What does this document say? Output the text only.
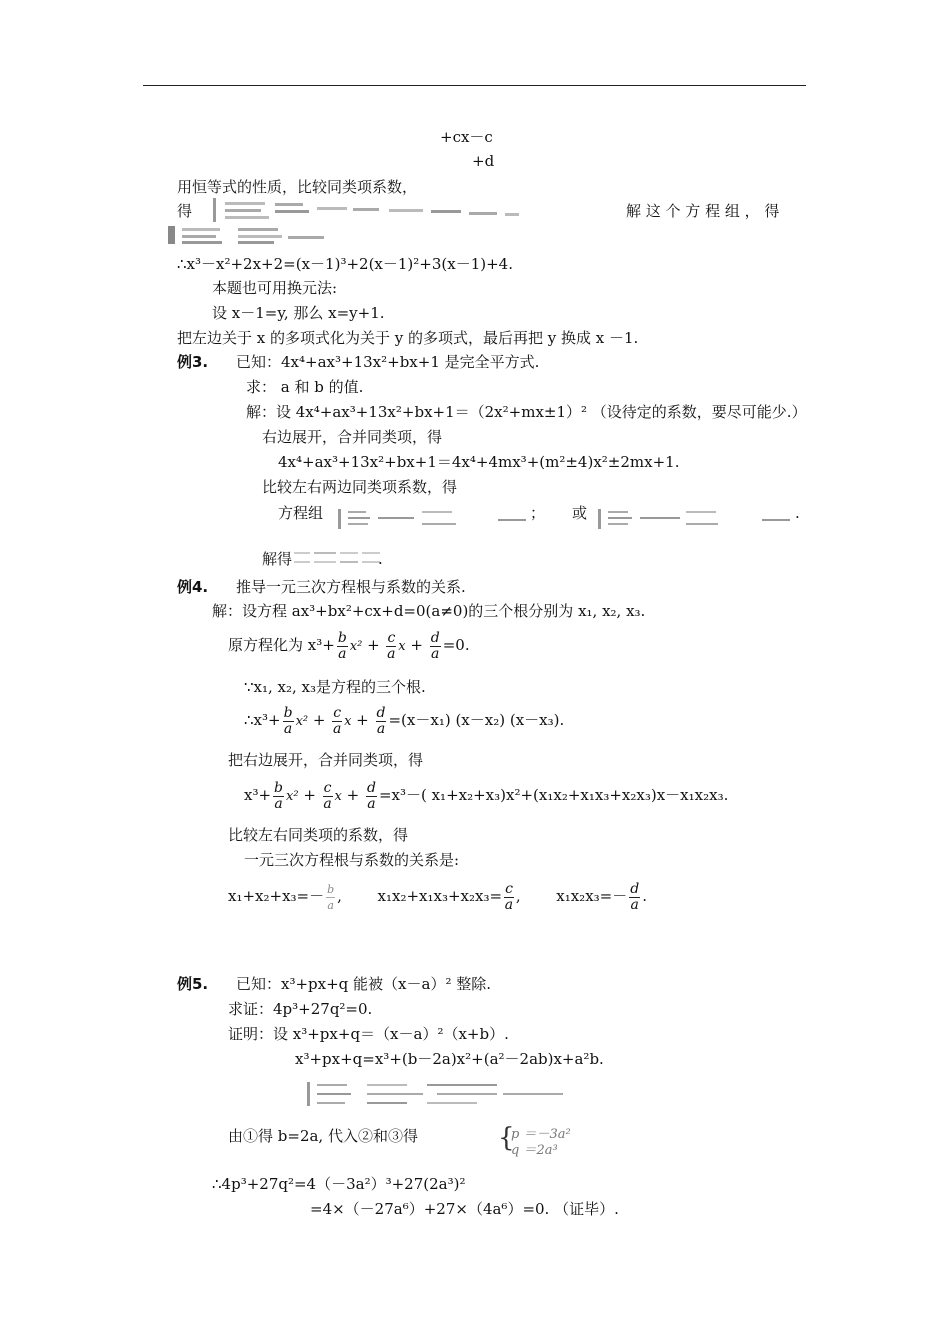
+cx－c
+d
用恒等式的性质，比较同类项系数，
得	解 这 个 方 程 组 ， 得
∴x³－x²+2x+2=(x－1)³+2(x－1)²+3(x－1)+4.
本题也可用换元法:
设 x－1=y, 那么 x=y+1.
把左边关于 x 的多项式化为关于 y 的多项式，最后再把 y 换成 x －1.
例3. 已知：4x⁴+ax³+13x²+bx+1 是完全平方式.
求： a 和 b 的值.
解：设 4x⁴+ax³+13x²+bx+1＝（2x²+mx±1）² （设待定的系数，要尽可能少.）
右边展开，合并同类项，得
4x⁴+ax³+13x²+bx+1＝4x⁴+4mx³+(m²±4)x²±2mx+1.
比较左右两边同类项系数，得
方程组	； 或	.
解得	.
例4. 推导一元三次方程根与系数的关系.
解：设方程 ax³+bx²+cx+d=0(a≠0)的三个根分别为 x₁, x₂, x₃.
原方程化为 $x^3+ \frac{b}{a} x^2 + \frac{c}{a}$ $x + \frac{d}{a} =0$.
∵x₁, x₂, x₃是方程的三个根.
∴x³+ $\frac{b}{a} x^2 + \frac{c}{a}$ $x + \frac{d}{a} =(x-x_1)$ (x－x₂) (x－x₃).
把右边展开，合并同类项，得
$x^3+ \frac{b}{a} x^2 + \frac{c}{a}$ $x + \frac{d}{a} =x^3-$( x₁+x₂+x₃)x²+(x₁x₂+x₁x₃+x₂x₃)x－x₁x₂x₃.
比较左右同类项的系数，得
一元三次方程根与系数的关系是:
$x_1+x_2+x_3=- \frac{b}{a}$ , $x_1x_2+x_1x_3+x_2x_3= \frac{c}{a}$ , $x_1x_2x_3=- \frac{d}{a}$ .
例5. 已知：x³+px+q 能被（x－a）² 整除.
求证：4p³+27q²=0.
证明：设 x³+px+q＝（x－a）²（x+b）.
x³+px+q=x³+(b－2a)x²+(a²－2ab)x+a²b.
由①得 b=2a, 代入②和③得	{
p ＝－3a²
q ＝2a³
∴4p³+27q²=4（－3a²）³+27(2a³)²
=4×（－27a⁶）+27×（4a⁶）=0. （证毕）.
